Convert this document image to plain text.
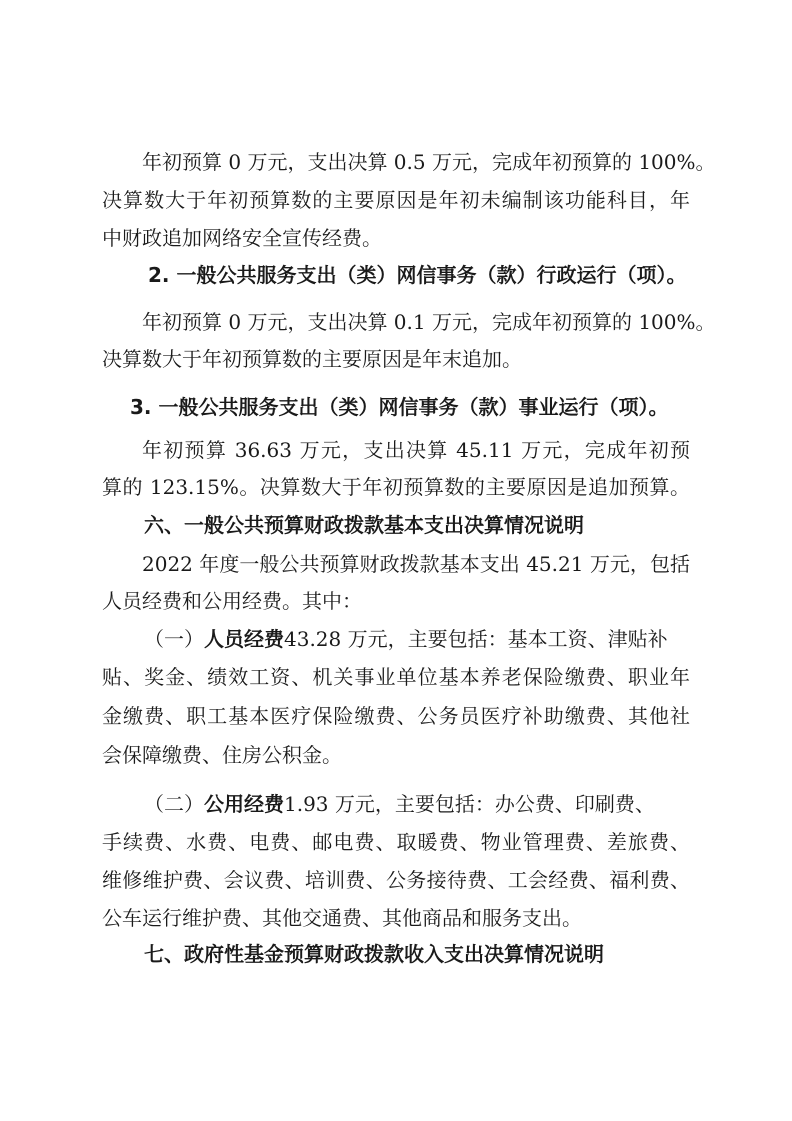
年初预算 0 万元，支出决算 0.5 万元，完成年初预算的 100%。
决算数大于年初预算数的主要原因是年初未编制该功能科目，年
中财政追加网络安全宣传经费。
2. 一般公共服务支出（类）网信事务（款）行政运行（项）。
年初预算 0 万元，支出决算 0.1 万元，完成年初预算的 100%。
决算数大于年初预算数的主要原因是年末追加。
3. 一般公共服务支出（类）网信事务（款）事业运行（项）。
年初预算 36.63 万元，支出决算 45.11 万元，完成年初预
算的 123.15%。决算数大于年初预算数的主要原因是追加预算。
六、一般公共预算财政拨款基本支出决算情况说明
2022 年度一般公共预算财政拨款基本支出 45.21 万元，包括
人员经费和公用经费。其中：
（一）人员经费43.28 万元，主要包括：基本工资、津贴补
贴、奖金、绩效工资、机关事业单位基本养老保险缴费、职业年
金缴费、职工基本医疗保险缴费、公务员医疗补助缴费、其他社
会保障缴费、住房公积金。
（二）公用经费1.93 万元，主要包括：办公费、印刷费、
手续费、水费、电费、邮电费、取暖费、物业管理费、差旅费、
维修维护费、会议费、培训费、公务接待费、工会经费、福利费、
公车运行维护费、其他交通费、其他商品和服务支出。
七、政府性基金预算财政拨款收入支出决算情况说明
